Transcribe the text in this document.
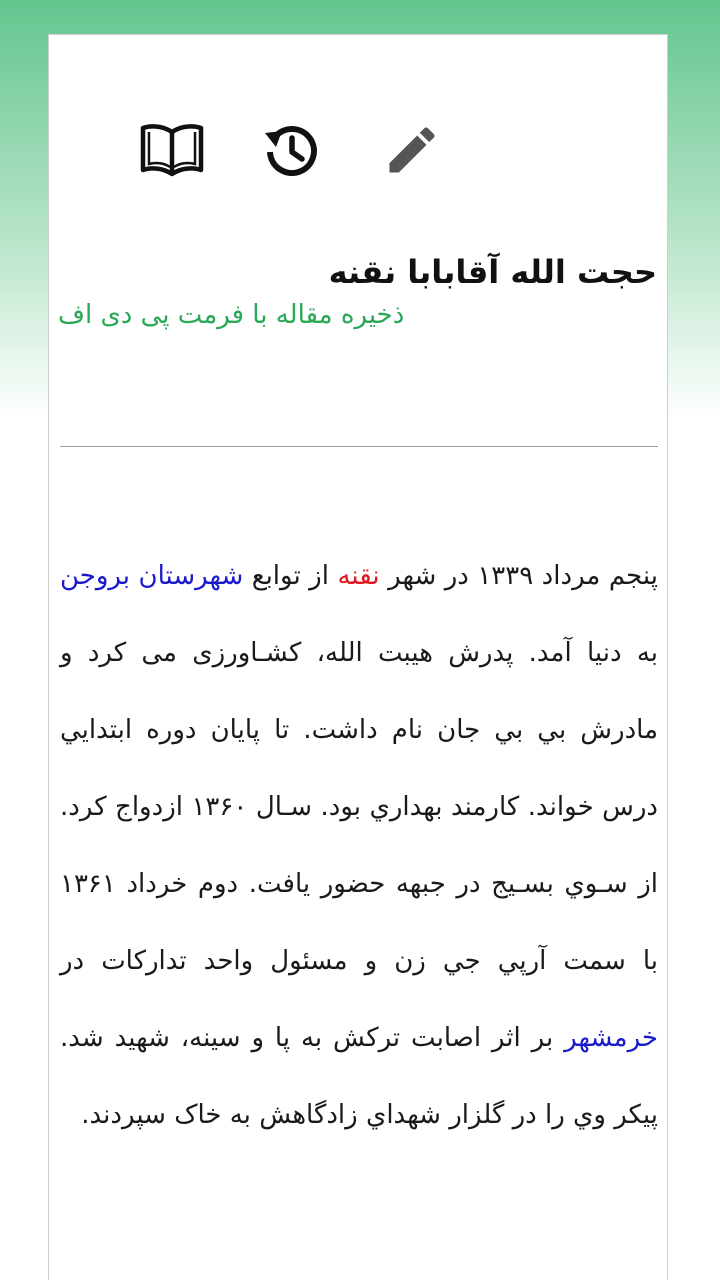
حجت الله آقابابا نقنه
ذخیره مقاله با فرمت پی دی اف
پنجم مرداد ۱۳۳۹ در شهر نقنه از توابع شهرستان بروجن به دنیا آمد. پدرش هیبت الله، کشـاورزی می کرد و مادرش بي بي جان نام داشت. تا پایان دوره ابتدايي درس خواند. کارمند بهداري بود. سـال ۱۳۶۰ ازدواج کرد. از سـوي بسـیج در جبهه حضور یافت. دوم خرداد ۱۳۶۱ با سمت آرپي جي زن و مسئول واحد تدارکات در خرمشهر بر اثر اصابت ترکش به پا و سینه، شهید شد. پیکر وي را در گلزار شهداي زادگاهش به خاک سپردند.
